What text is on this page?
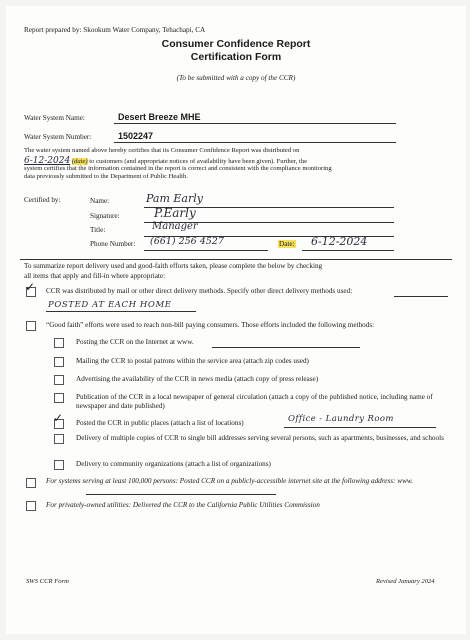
Report prepared by: Skookum Water Company, Tehachapi, CA
Consumer Confidence Report
Certification Form
(To be submitted with a copy of the CCR)
Water System Name:	Desert Breeze MHE
Water System Number:	1502247
The water system named above hereby certifies that its Consumer Confidence Report was distributed on
6-12-2024 (date) to customers (and appropriate notices of availability have been given). Further, the
system certifies that the information contained in the report is correct and consistent with the compliance monitoring
data previously submitted to the Department of Public Health.
Certified by:	Name:	Pam Early
Signature:	P.Early
Title:	Manager
Phone Number: (661) 256 4527	Date: 6-12-2024
To summarize report delivery used and good-faith efforts taken, please complete the below by checking
all items that apply and fill-in where appropriate:
✓ CCR was distributed by mail or other direct delivery methods. Specify other direct delivery methods used:
POSTED AT EACH HOME
“Good faith” efforts were used to reach non-bill paying consumers. Those efforts included the following methods:
Posting the CCR on the Internet at www.
Mailing the CCR to postal patrons within the service area (attach zip codes used)
Advertising the availability of the CCR in news media (attach copy of press release)
Publication of the CCR in a local newspaper of general circulation (attach a copy of the published notice, including name of newspaper and date published)
✓ Posted the CCR in public places (attach a list of locations)	Office - Laundry Room
Delivery of multiple copies of CCR to single bill addresses serving several persons, such as apartments, businesses, and schools
Delivery to community organizations (attach a list of organizations)
For systems serving at least 100,000 persons: Posted CCR on a publicly-accessible internet site at the following address: www.
For privately-owned utilities: Delivered the CCR to the California Public Utilities Commission
SWS CCR Form	Revised January 2024
